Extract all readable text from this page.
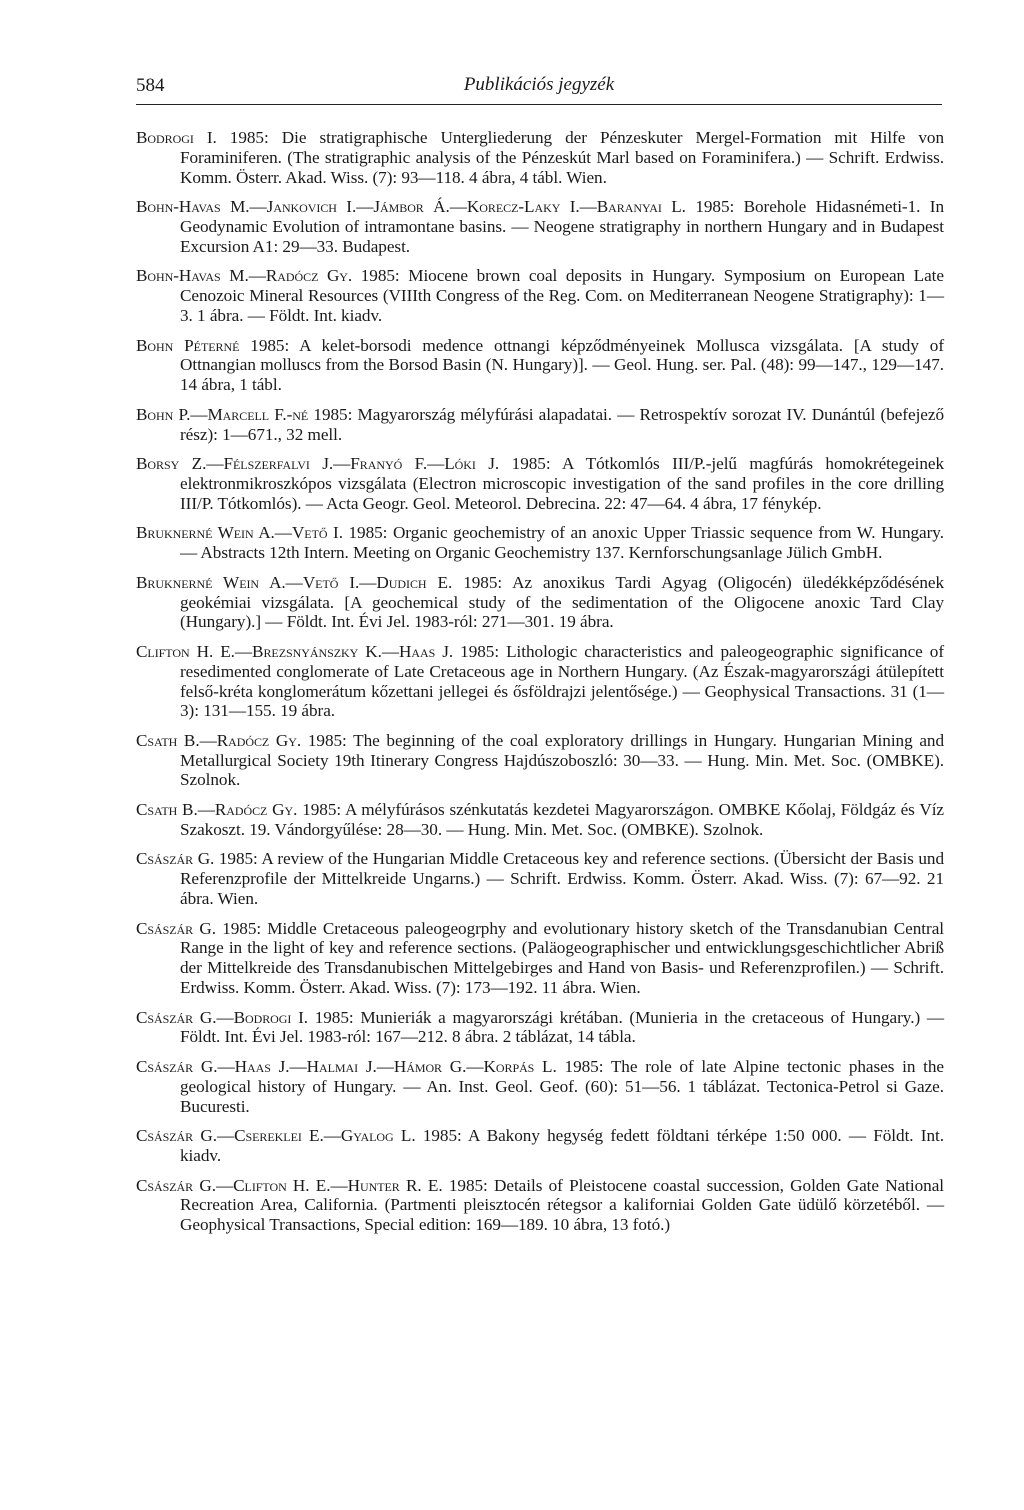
584	Publikációs jegyzék

Bodrogi I. 1985: Die stratigraphische Untergliederung der Pénzeskuter Mergel-Formation mit Hilfe von Foraminiferen. (The stratigraphic analysis of the Pénzeskút Marl based on Foraminifera.) — Schrift. Erdwiss. Komm. Österr. Akad. Wiss. (7): 93—118. 4 ábra, 4 tábl. Wien.

Bohn-Havas M.—Jankovich I.—Jámbor Á.—Korecz-Laky I.—Baranyai L. 1985: Borehole Hidasnémeti-1. In Geodynamic Evolution of intramontane basins. — Neogene stratigraphy in northern Hungary and in Budapest Excursion A1: 29—33. Budapest.

Bohn-Havas M.—Radócz Gy. 1985: Miocene brown coal deposits in Hungary. Symposium on European Late Cenozoic Mineral Resources (VIIIth Congress of the Reg. Com. on Mediterranean Neogene Stratigraphy): 1—3. 1 ábra. — Földt. Int. kiadv.

Bohn Péterné 1985: A kelet-borsodi medence ottnangi képződményeinek Mollusca vizsgálata. [A study of Ottnangian molluscs from the Borsod Basin (N. Hungary)]. — Geol. Hung. ser. Pal. (48): 99—147., 129—147. 14 ábra, 1 tábl.

Bohn P.—Marcell F.-né 1985: Magyarország mélyfúrási alapadatai. — Retrospektív sorozat IV. Dunántúl (befejező rész): 1—671., 32 mell.

Borsy Z.—Félszerfalvi J.—Franyó F.—Lóki J. 1985: A Tótkomlós III/P.-jelű magfúrás homokrétegeinek elektronmikroszkópos vizsgálata (Electron microscopic investigation of the sand profiles in the core drilling III/P. Tótkomlós). — Acta Geogr. Geol. Meteorol. Debrecina. 22: 47—64. 4 ábra, 17 fénykép.

Bruknerné Wein A.—Vető I. 1985: Organic geochemistry of an anoxic Upper Triassic sequence from W. Hungary. — Abstracts 12th Intern. Meeting on Organic Geochemistry 137. Kernforschungsanlage Jülich GmbH.

Bruknerné Wein A.—Vető I.—Dudich E. 1985: Az anoxikus Tardi Agyag (Oligocén) üledékképződésének geokémiai vizsgálata. [A geochemical study of the sedimentation of the Oligocene anoxic Tard Clay (Hungary).] — Földt. Int. Évi Jel. 1983-ról: 271—301. 19 ábra.

Clifton H. E.—Brezsnyánszky K.—Haas J. 1985: Lithologic characteristics and paleogeographic significance of resedimented conglomerate of Late Cretaceous age in Northern Hungary. (Az Észak-magyarországi átülepített felső-kréta konglomerátum kőzettani jellegei és ősföldrajzi jelentősége.) — Geophysical Transactions. 31 (1—3): 131—155. 19 ábra.

Csath B.—Radócz Gy. 1985: The beginning of the coal exploratory drillings in Hungary. Hungarian Mining and Metallurgical Society 19th Itinerary Congress Hajdúszoboszló: 30—33. — Hung. Min. Met. Soc. (OMBKE). Szolnok.

Csath B.—Radócz Gy. 1985: A mélyfúrásos szénkutatás kezdetei Magyarországon. OMBKE Kőolaj, Földgáz és Víz Szakoszt. 19. Vándorgyűlése: 28—30. — Hung. Min. Met. Soc. (OMBKE). Szolnok.

Császár G. 1985: A review of the Hungarian Middle Cretaceous key and reference sections. (Übersicht der Basis und Referenzprofile der Mittelkreide Ungarns.) — Schrift. Erdwiss. Komm. Österr. Akad. Wiss. (7): 67—92. 21 ábra. Wien.

Császár G. 1985: Middle Cretaceous paleogeogrphy and evolutionary history sketch of the Transdanubian Central Range in the light of key and reference sections. (Paläogeographischer und entwicklungsgeschichtlicher Abriß der Mittelkreide des Transdanubischen Mittelgebirges and Hand von Basis- und Referenzprofilen.) — Schrift. Erdwiss. Komm. Österr. Akad. Wiss. (7): 173—192. 11 ábra. Wien.

Császár G.—Bodrogi I. 1985: Munieriák a magyarországi krétában. (Munieria in the cretaceous of Hungary.) — Földt. Int. Évi Jel. 1983-ról: 167—212. 8 ábra. 2 táblázat, 14 tábla.

Császár G.—Haas J.—Halmai J.—Hámor G.—Korpás L. 1985: The role of late Alpine tectonic phases in the geological history of Hungary. — An. Inst. Geol. Geof. (60): 51—56. 1 táblázat. Tectonica-Petrol si Gaze. Bucuresti.

Császár G.—Csereklei E.—Gyalog L. 1985: A Bakony hegység fedett földtani térképe 1:50 000. — Földt. Int. kiadv.

Császár G.—Clifton H. E.—Hunter R. E. 1985: Details of Pleistocene coastal succession, Golden Gate National Recreation Area, California. (Partmenti pleisztocén rétegsor a kaliforniai Golden Gate üdülő körzetéből. — Geophysical Transactions, Special edition: 169—189. 10 ábra, 13 fotó.)
